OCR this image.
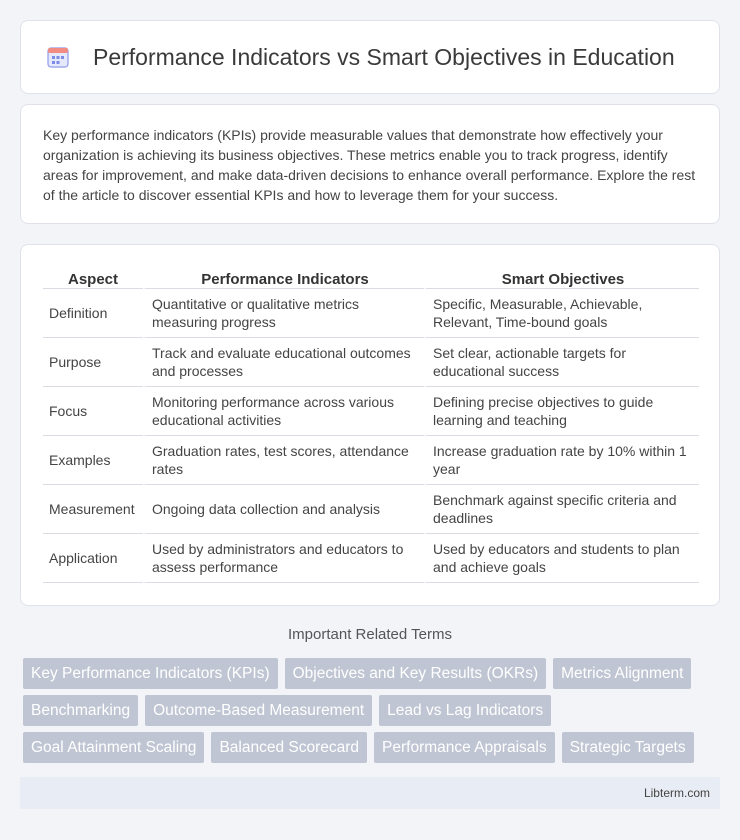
Performance Indicators vs Smart Objectives in Education

Key performance indicators (KPIs) provide measurable values that demonstrate how effectively your organization is achieving its business objectives. These metrics enable you to track progress, identify areas for improvement, and make data-driven decisions to enhance overall performance. Explore the rest of the article to discover essential KPIs and how to leverage them for your success.

Aspect	Performance Indicators	Smart Objectives
Definition	Quantitative or qualitative metrics measuring progress	Specific, Measurable, Achievable, Relevant, Time-bound goals
Purpose	Track and evaluate educational outcomes and processes	Set clear, actionable targets for educational success
Focus	Monitoring performance across various educational activities	Defining precise objectives to guide learning and teaching
Examples	Graduation rates, test scores, attendance rates	Increase graduation rate by 10% within 1 year
Measurement	Ongoing data collection and analysis	Benchmark against specific criteria and deadlines
Application	Used by administrators and educators to assess performance	Used by educators and students to plan and achieve goals
Important Related Terms
Key Performance Indicators (KPIs)	Objectives and Key Results (OKRs)	Metrics Alignment
Benchmarking	Outcome-Based Measurement	Lead vs Lag Indicators
Goal Attainment Scaling	Balanced Scorecard	Performance Appraisals	Strategic Targets
Libterm.com
